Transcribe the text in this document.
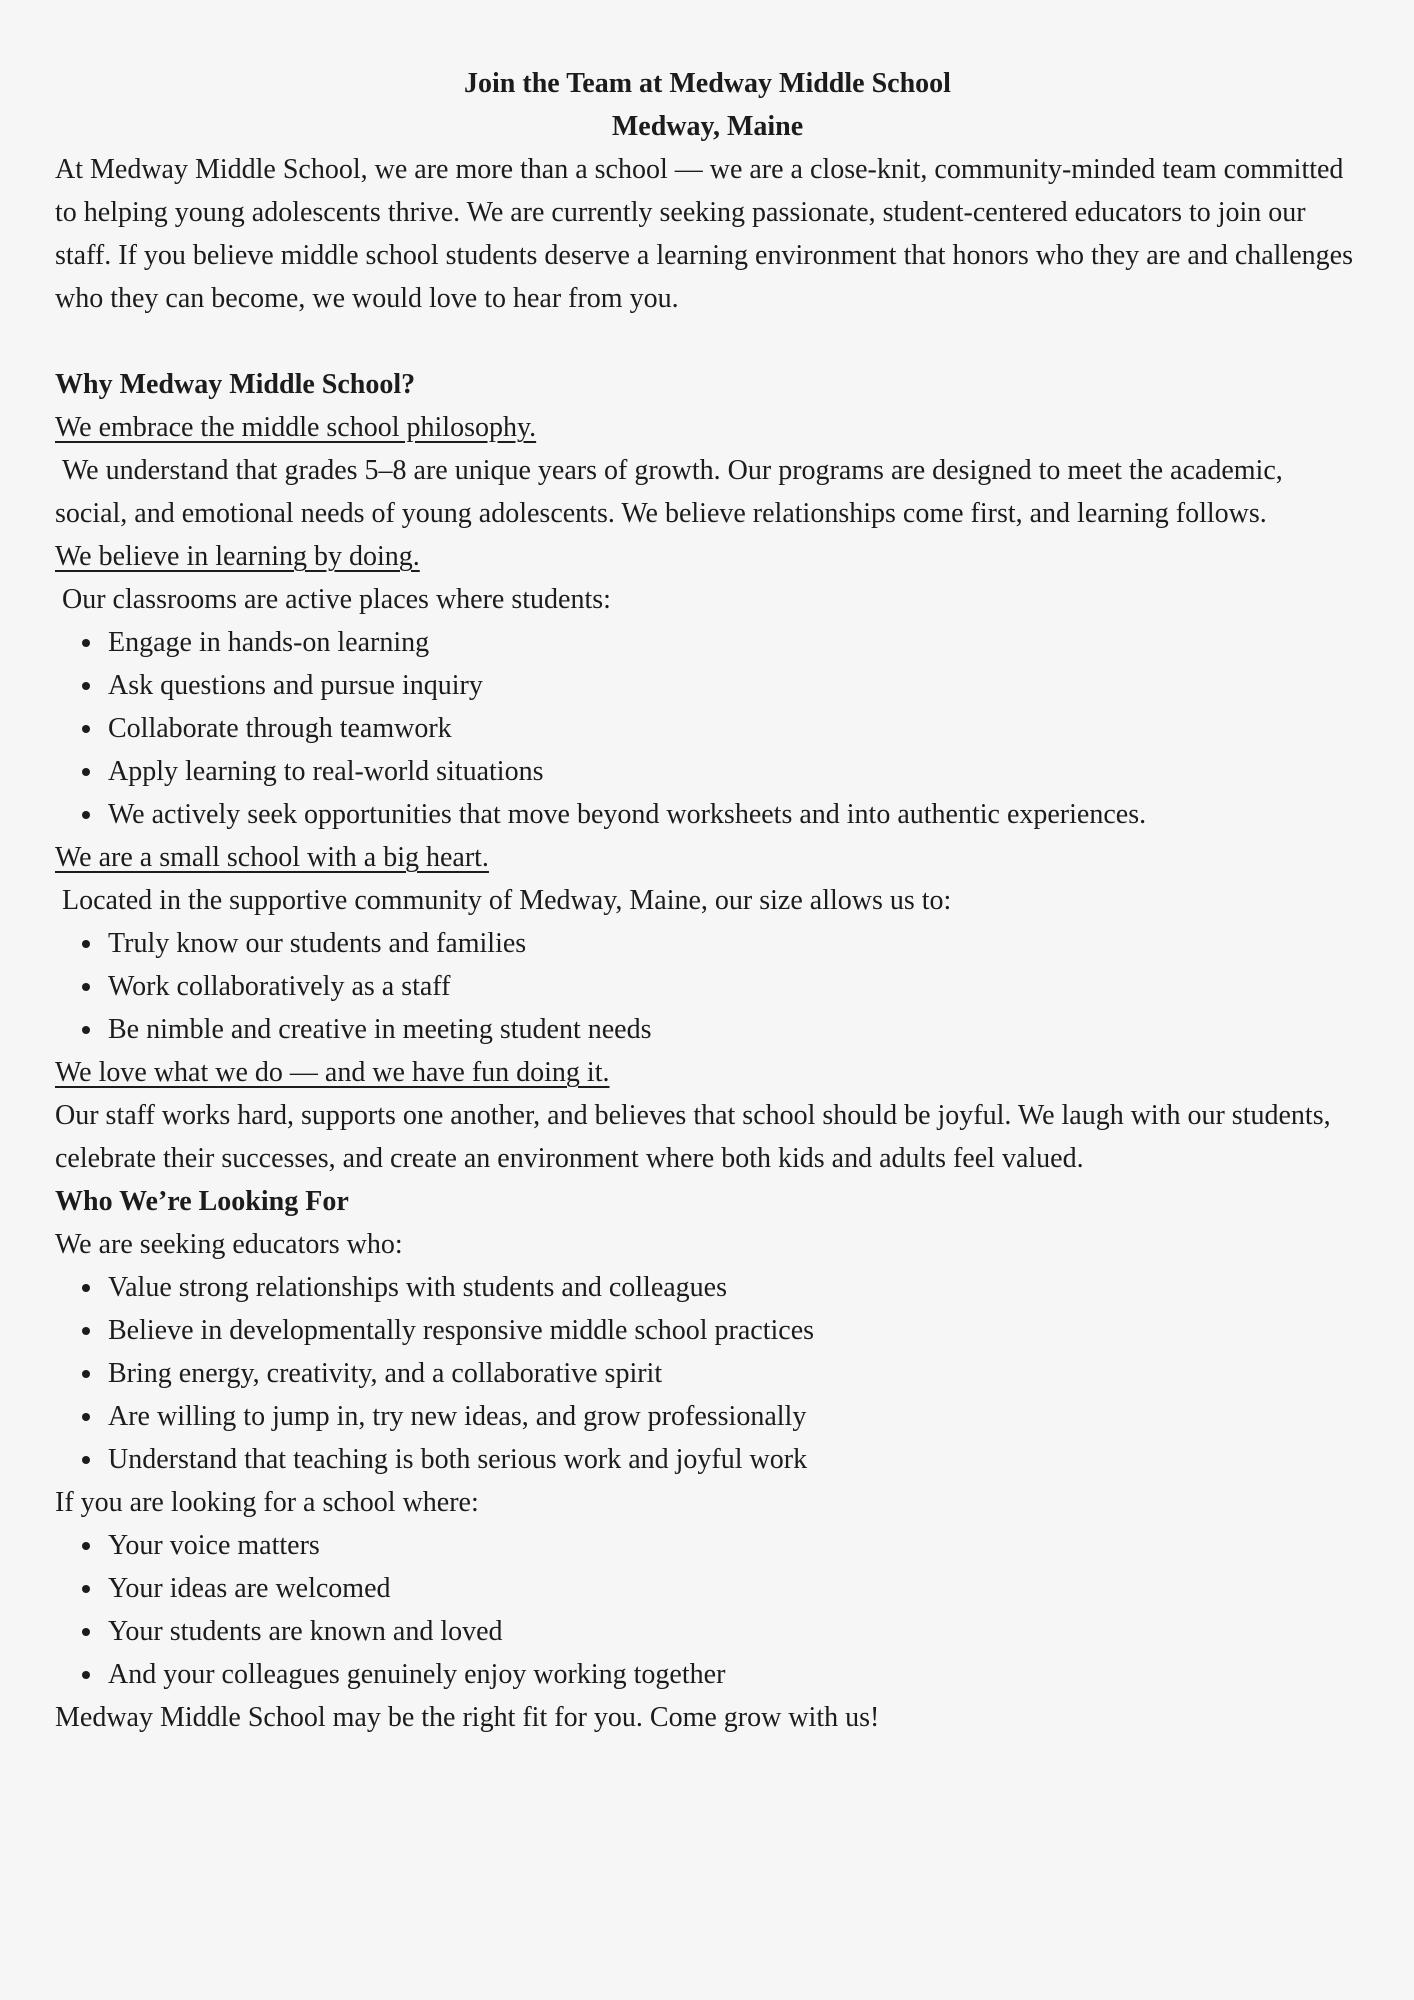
Join the Team at Medway Middle School

Medway, Maine

At Medway Middle School, we are more than a school — we are a close-knit, community-minded team committed to helping young adolescents thrive. We are currently seeking passionate, student-centered educators to join our staff. If you believe middle school students deserve a learning environment that honors who they are and challenges who they can become, we would love to hear from you.

Why Medway Middle School?

We embrace the middle school philosophy.

We understand that grades 5–8 are unique years of growth. Our programs are designed to meet the academic, social, and emotional needs of young adolescents. We believe relationships come first, and learning follows.

We believe in learning by doing.

Our classrooms are active places where students:

• Engage in hands-on learning
• Ask questions and pursue inquiry
• Collaborate through teamwork
• Apply learning to real-world situations
• We actively seek opportunities that move beyond worksheets and into authentic experiences.

We are a small school with a big heart.

Located in the supportive community of Medway, Maine, our size allows us to:

• Truly know our students and families
• Work collaboratively as a staff
• Be nimble and creative in meeting student needs

We love what we do — and we have fun doing it.

Our staff works hard, supports one another, and believes that school should be joyful. We laugh with our students, celebrate their successes, and create an environment where both kids and adults feel valued.

Who We’re Looking For

We are seeking educators who:

• Value strong relationships with students and colleagues
• Believe in developmentally responsive middle school practices
• Bring energy, creativity, and a collaborative spirit
• Are willing to jump in, try new ideas, and grow professionally
• Understand that teaching is both serious work and joyful work

If you are looking for a school where:

• Your voice matters
• Your ideas are welcomed
• Your students are known and loved
• And your colleagues genuinely enjoy working together

Medway Middle School may be the right fit for you. Come grow with us!
